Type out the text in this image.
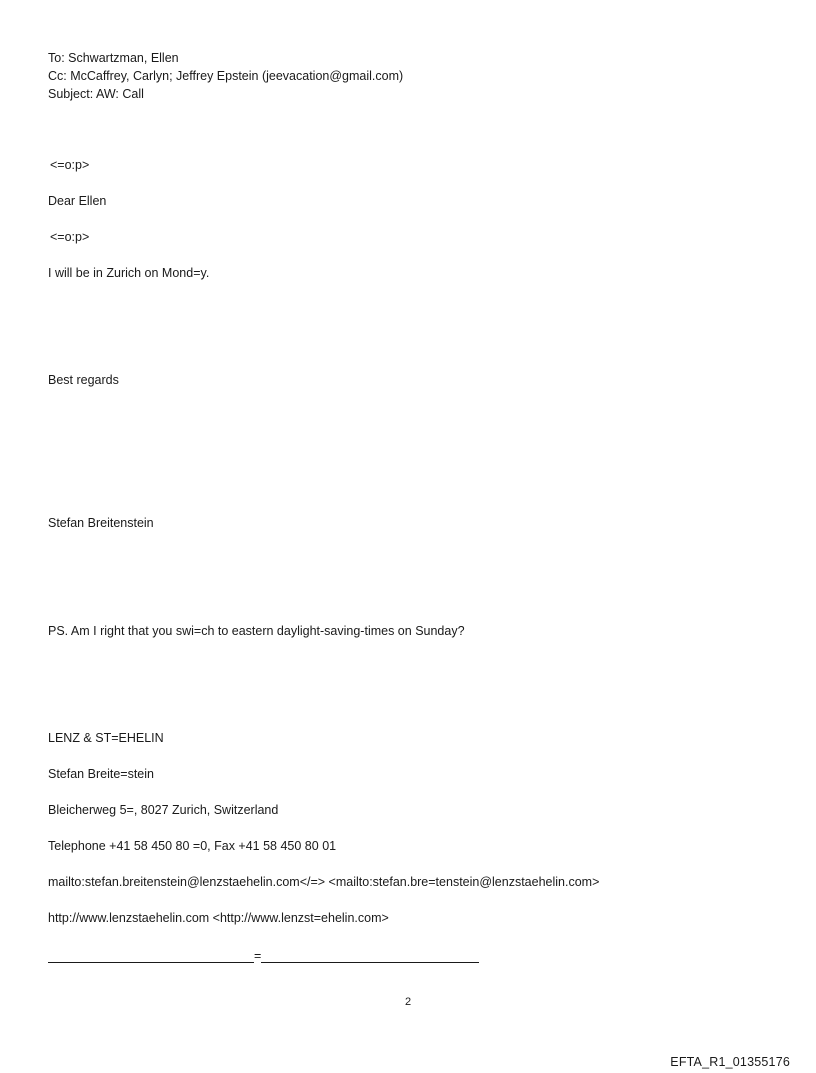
To: Schwartzman, Ellen
Cc: McCaffrey, Carlyn; Jeffrey Epstein (jeevacation@gmail.com)
Subject: AW: Call
<=o:p>
Dear Ellen
<=o:p>
I will be in Zurich on Mond=y.
Best regards
Stefan Breitenstein
PS. Am I right that you swi=ch to eastern daylight-saving-times on Sunday?
LENZ & ST=EHELIN
Stefan Breite=stein
Bleicherweg 5=, 8027 Zurich, Switzerland
Telephone +41 58 450 80 =0, Fax +41 58 450 80 01
mailto:stefan.breitenstein@lenzstaehelin.com</=> <mailto:stefan.bre=tenstein@lenzstaehelin.com>
http://www.lenzstaehelin.com <http://www.lenzst=ehelin.com>
=
2
EFTA_R1_01355176
